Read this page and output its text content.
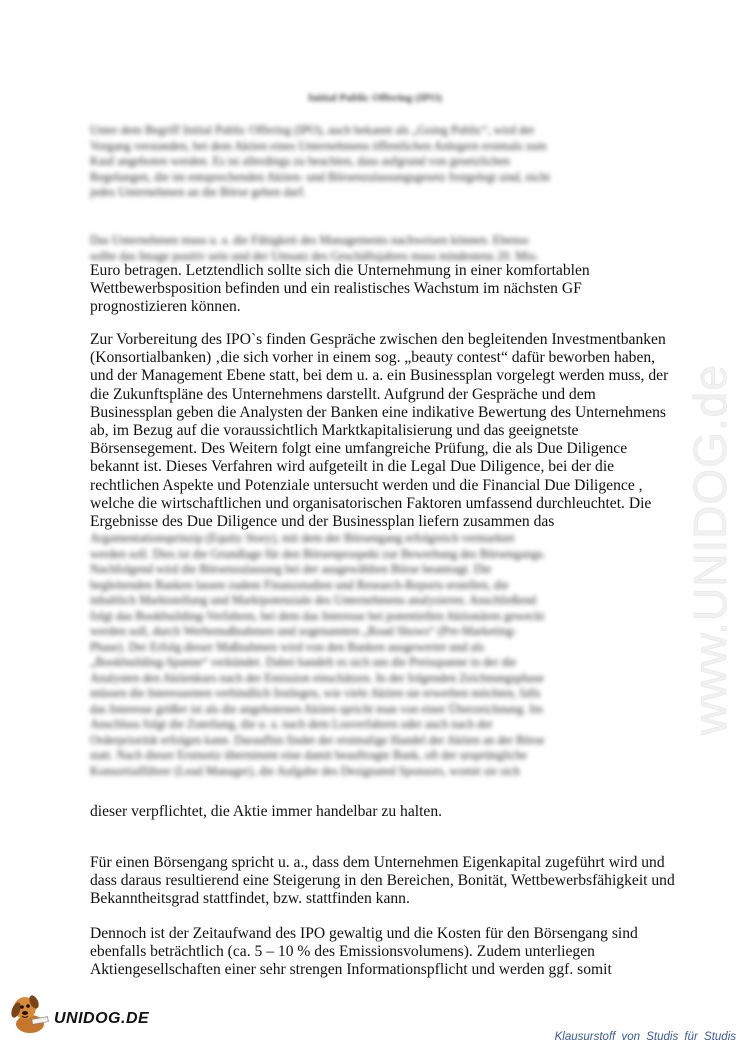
Initial Public Offering (IPO)
Unter dem Begriff Initial Public Offering (IPO), auch bekannt als „Going Public“, wird der
Vorgang verstanden, bei dem Aktien eines Unternehmens öffentlichen Anlegern erstmals zum
Kauf angeboten werden. Es ist allerdings zu beachten, dass aufgrund von gesetzlichen
Regelungen, die im entsprechenden Aktien- und Börsenzulassungsgesetz festgelegt sind, nicht
jedes Unternehmen an die Börse gehen darf.
Das Unternehmen muss u. a. die Fähigkeit des Managements nachweisen können. Ebenso
sollte das Image positiv sein und der Umsatz des Geschäftsjahres muss mindestens 20. Mio.
Euro betragen. Letztendlich sollte sich die Unternehmung in einer komfortablen
Wettbewerbsposition befinden und ein realistisches Wachstum im nächsten GF
prognostizieren können.
Zur Vorbereitung des IPO`s finden Gespräche zwischen den begleitenden Investmentbanken
(Konsortialbanken) ‚die sich vorher in einem sog. „beauty contest“ dafür beworben haben,
und der Management Ebene statt, bei dem u. a. ein Businessplan vorgelegt werden muss, der
die Zukunftspläne des Unternehmens darstellt. Aufgrund der Gespräche und dem
Businessplan geben die Analysten der Banken eine indikative Bewertung des Unternehmens
ab, im Bezug auf die voraussichtlich Marktkapitalisierung und das geeignetste
Börsensegement. Des Weitern folgt eine umfangreiche Prüfung, die als Due Diligence
bekannt ist. Dieses Verfahren wird aufgeteilt in die Legal Due Diligence, bei der die
rechtlichen Aspekte und Potenziale untersucht werden und die Financial Due Diligence ,
welche die wirtschaftlichen und organisatorischen Faktoren umfassend durchleuchtet. Die
Ergebnisse des Due Diligence und der Businessplan liefern zusammen das
Argumentationsprinzip (Equity Story), mit dem der Börsengang erfolgreich vermarktet
werden soll. Dies ist die Grundlage für den Börsenprospekt zur Bewerbung des Börsengangs.
Nachfolgend wird die Börsenzulassung bei der ausgewählten Börse beantragt. Die
begleitenden Banken lassen zudem Finanzstudien und Research-Reports erstellen, die
inhaltlich Marktstellung und Marktpotenziale des Unternehmens analysieren. Anschließend
folgt das Bookbuilding-Verfahren, bei dem das Interesse bei potentiellen Aktionären geweckt
werden soll, durch Werbemaßnahmen und sogenannten „Road Shows“ (Pre-Marketing-
Phase). Der Erfolg dieser Maßnahmen wird von den Banken ausgewertet und als
„Bookbuilding-Spanne“ verkündet. Dabei handelt es sich um die Preisspanne in der die
Analysten den Aktienkurs nach der Emission einschätzen. In der folgenden Zeichnungsphase
müssen die Interessenten verbindlich festlegen, wie viele Aktien sie erwerben möchten, falls
das Interesse größer ist als die angebotenen Aktien spricht man von einer Überzeichnung. Im
Anschluss folgt die Zuteilung, die u. a. nach dem Losverfahren oder auch nach der
Orderpriorität erfolgen kann. Daraufhin findet der erstmalige Handel der Aktien an der Börse
statt. Nach dieser Erstnotiz übernimmt eine damit beauftragte Bank, oft der ursprüngliche
Konsortialführer (Lead Manager), die Aufgabe des Designated Sponsors, womit sie sich
dieser verpflichtet, die Aktie immer handelbar zu halten.
Für einen Börsengang spricht u. a., dass dem Unternehmen Eigenkapital zugeführt wird und
dass daraus resultierend eine Steigerung in den Bereichen, Bonität, Wettbewerbsfähigkeit und
Bekanntheitsgrad stattfindet, bzw. stattfinden kann.
Dennoch ist der Zeitaufwand des IPO gewaltig und die Kosten für den Börsengang sind
ebenfalls beträchtlich (ca. 5 – 10 % des Emissionsvolumens). Zudem unterliegen
Aktiengesellschaften einer sehr strengen Informationspflicht und werden ggf. somit
www.UNIDOG.de
UNIDOG.DE
Klausurstoff von Studis für Studis
